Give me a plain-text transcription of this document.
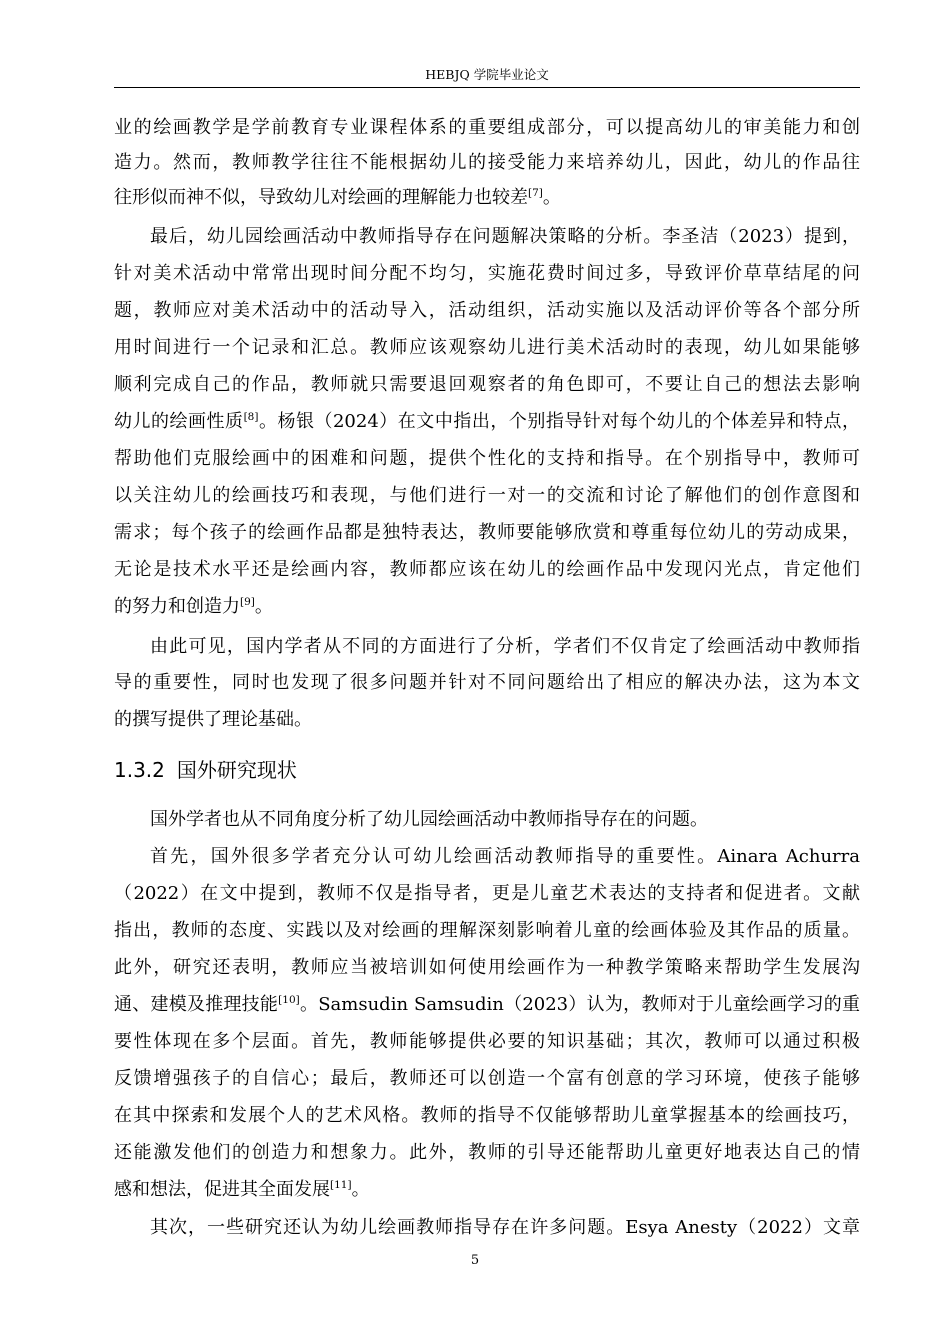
HEBJQ 学院毕业论文
业的绘画教学是学前教育专业课程体系的重要组成部分，可以提高幼儿的审美能力和创
造力。然而，教师教学往往不能根据幼儿的接受能力来培养幼儿，因此，幼儿的作品往
往形似而神不似，导致幼儿对绘画的理解能力也较差[7]。
最后，幼儿园绘画活动中教师指导存在问题解决策略的分析。李圣洁（2023）提到，
针对美术活动中常常出现时间分配不均匀，实施花费时间过多，导致评价草草结尾的问
题，教师应对美术活动中的活动导入，活动组织，活动实施以及活动评价等各个部分所
用时间进行一个记录和汇总。教师应该观察幼儿进行美术活动时的表现，幼儿如果能够
顺利完成自己的作品，教师就只需要退回观察者的角色即可，不要让自己的想法去影响
幼儿的绘画性质[8]。杨银（2024）在文中指出，个别指导针对每个幼儿的个体差异和特点，
帮助他们克服绘画中的困难和问题，提供个性化的支持和指导。在个别指导中，教师可
以关注幼儿的绘画技巧和表现，与他们进行一对一的交流和讨论了解他们的创作意图和
需求；每个孩子的绘画作品都是独特表达，教师要能够欣赏和尊重每位幼儿的劳动成果，
无论是技术水平还是绘画内容，教师都应该在幼儿的绘画作品中发现闪光点，肯定他们
的努力和创造力[9]。
由此可见，国内学者从不同的方面进行了分析，学者们不仅肯定了绘画活动中教师指
导的重要性，同时也发现了很多问题并针对不同问题给出了相应的解决办法，这为本文
的撰写提供了理论基础。
1.3.2 国外研究现状
国外学者也从不同角度分析了幼儿园绘画活动中教师指导存在的问题。
首先，国外很多学者充分认可幼儿绘画活动教师指导的重要性。Ainara Achurra
（2022）在文中提到，教师不仅是指导者，更是儿童艺术表达的支持者和促进者。文献
指出，教师的态度、实践以及对绘画的理解深刻影响着儿童的绘画体验及其作品的质量。
此外，研究还表明，教师应当被培训如何使用绘画作为一种教学策略来帮助学生发展沟
通、建模及推理技能[10]。Samsudin Samsudin（2023）认为，教师对于儿童绘画学习的重
要性体现在多个层面。首先，教师能够提供必要的知识基础；其次，教师可以通过积极
反馈增强孩子的自信心；最后，教师还可以创造一个富有创意的学习环境，使孩子能够
在其中探索和发展个人的艺术风格。教师的指导不仅能够帮助儿童掌握基本的绘画技巧，
还能激发他们的创造力和想象力。此外，教师的引导还能帮助儿童更好地表达自己的情
感和想法，促进其全面发展[11]。
其次，一些研究还认为幼儿绘画教师指导存在许多问题。Esya Anesty（2022）文章
5
